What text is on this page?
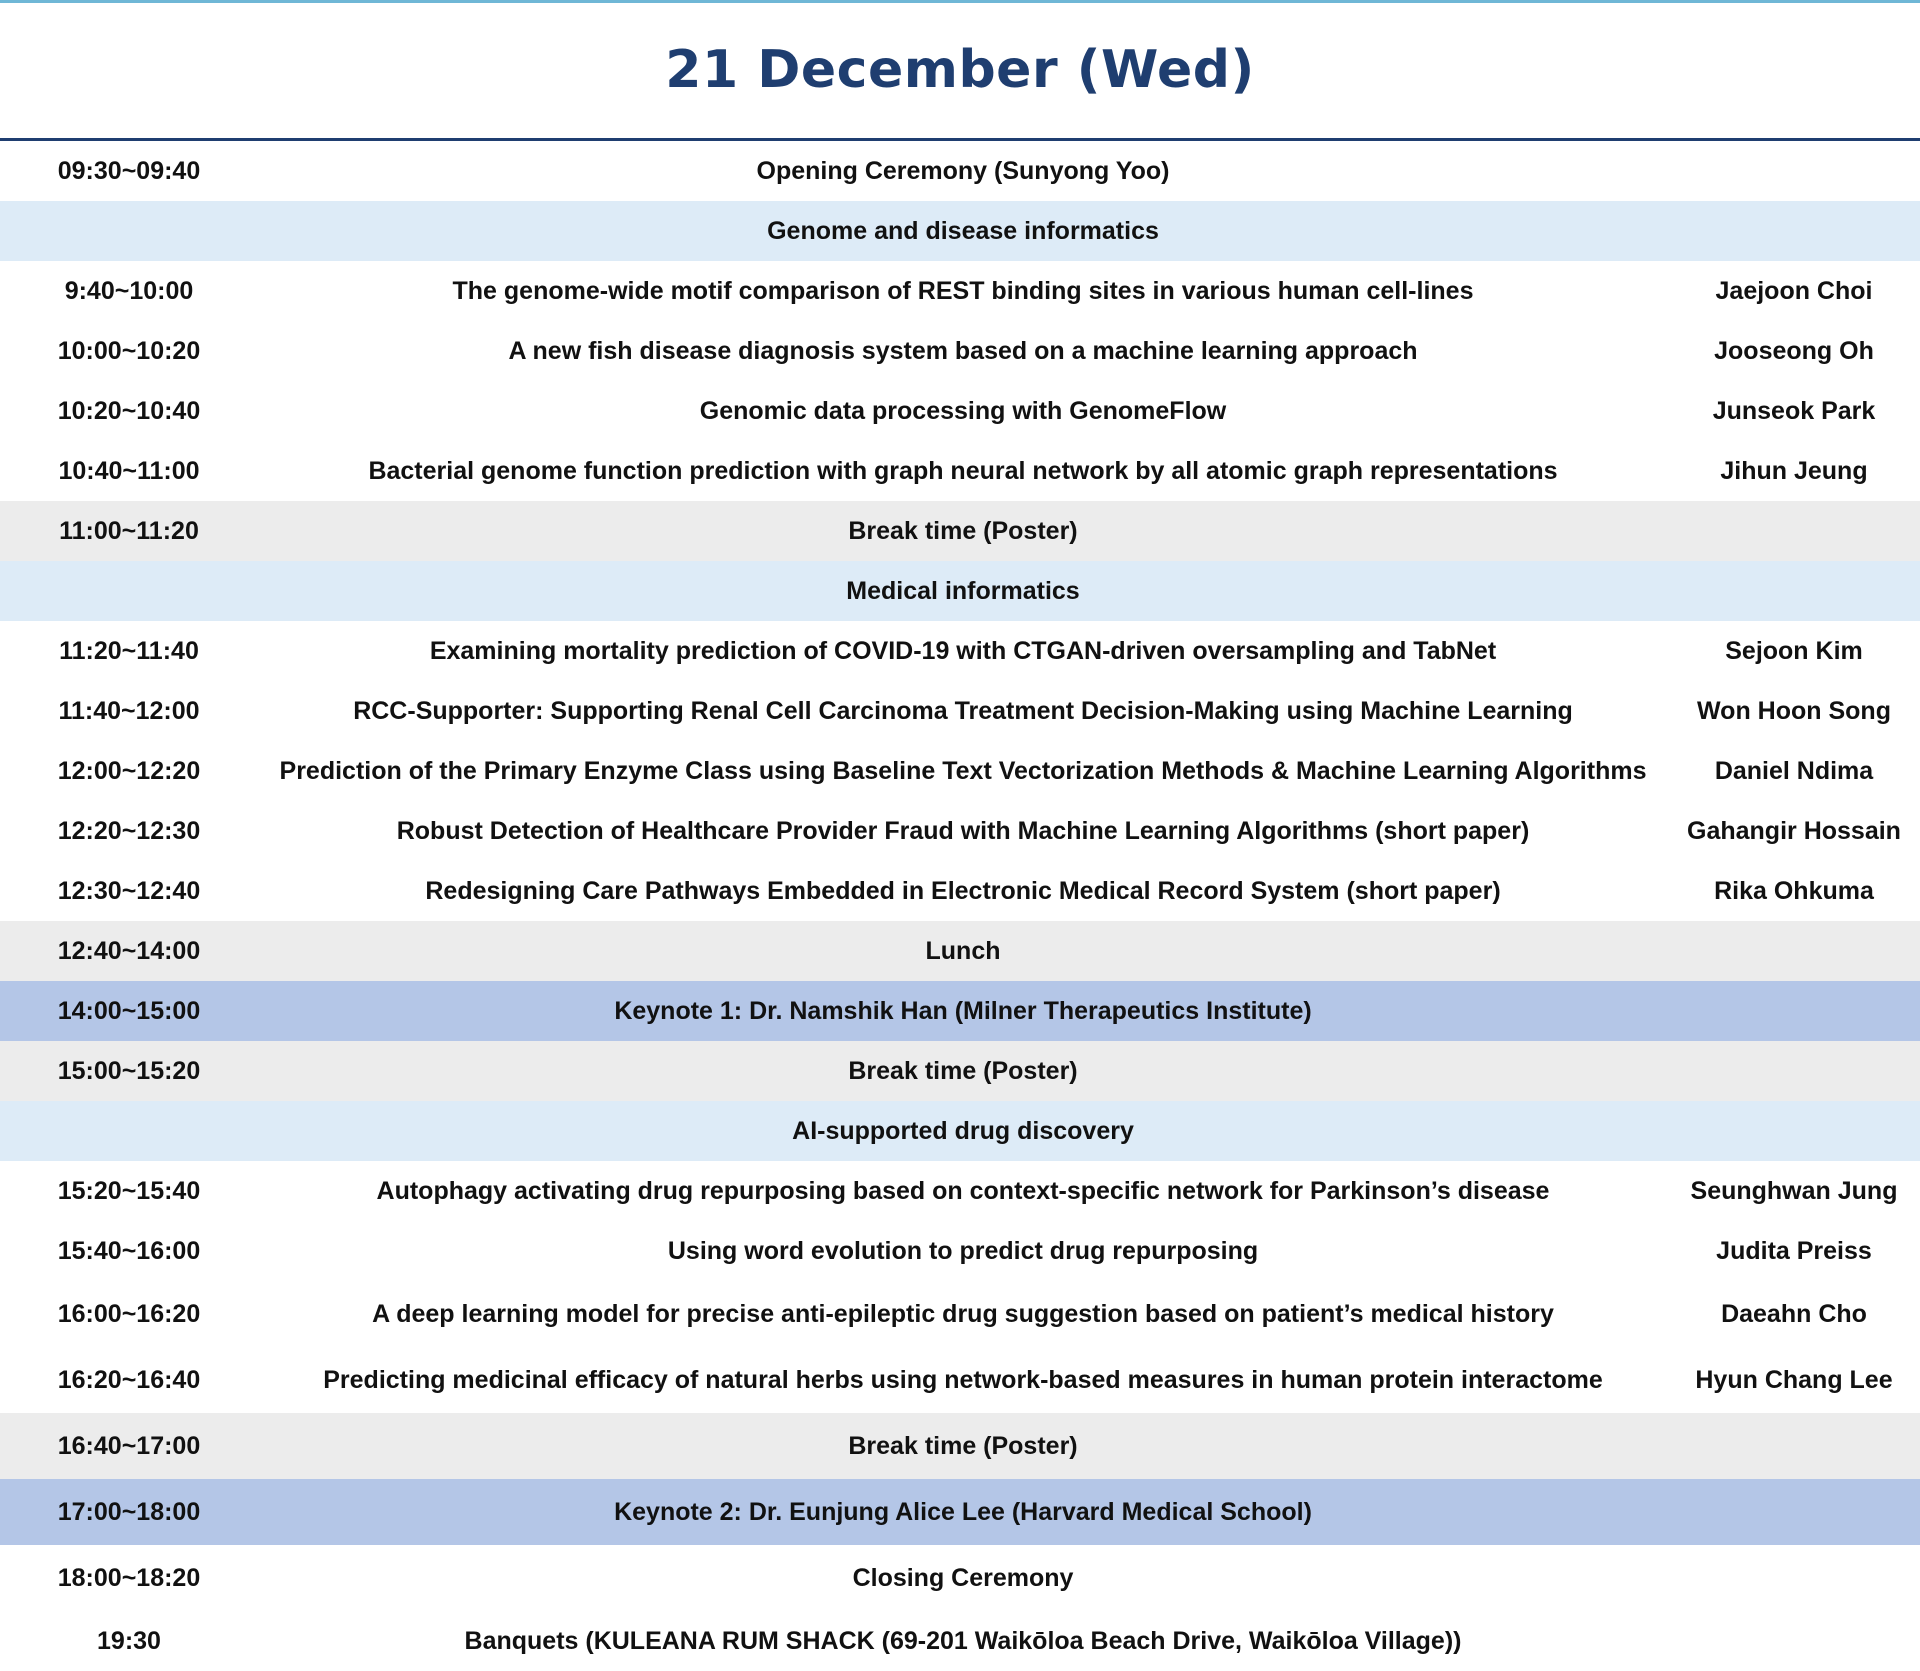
21 December (Wed)
09:30~09:40	Opening Ceremony (Sunyong Yoo)
Genome and disease informatics
9:40~10:00	The genome-wide motif comparison of REST binding sites in various human cell-lines	Jaejoon Choi
10:00~10:20	A new fish disease diagnosis system based on a machine learning approach	Jooseong Oh
10:20~10:40	Genomic data processing with GenomeFlow	Junseok Park
10:40~11:00	Bacterial genome function prediction with graph neural network by all atomic graph representations	Jihun Jeung
11:00~11:20	Break time (Poster)
Medical informatics
11:20~11:40	Examining mortality prediction of COVID-19 with CTGAN-driven oversampling and TabNet	Sejoon Kim
11:40~12:00	RCC-Supporter: Supporting Renal Cell Carcinoma Treatment Decision-Making using Machine Learning	Won Hoon Song
12:00~12:20	Prediction of the Primary Enzyme Class using Baseline Text Vectorization Methods & Machine Learning Algorithms	Daniel Ndima
12:20~12:30	Robust Detection of Healthcare Provider Fraud with Machine Learning Algorithms (short paper)	Gahangir Hossain
12:30~12:40	Redesigning Care Pathways Embedded in Electronic Medical Record System (short paper)	Rika Ohkuma
12:40~14:00	Lunch
14:00~15:00	Keynote 1: Dr. Namshik Han (Milner Therapeutics Institute)
15:00~15:20	Break time (Poster)
AI-supported drug discovery
15:20~15:40	Autophagy activating drug repurposing based on context-specific network for Parkinson’s disease	Seunghwan Jung
15:40~16:00	Using word evolution to predict drug repurposing	Judita Preiss
16:00~16:20	A deep learning model for precise anti-epileptic drug suggestion based on patient’s medical history	Daeahn Cho
16:20~16:40	Predicting medicinal efficacy of natural herbs using network-based measures in human protein interactome	Hyun Chang Lee
16:40~17:00	Break time (Poster)
17:00~18:00	Keynote 2: Dr. Eunjung Alice Lee (Harvard Medical School)
18:00~18:20	Closing Ceremony
19:30	Banquets (KULEANA RUM SHACK (69-201 Waikōloa Beach Drive, Waikōloa Village))
